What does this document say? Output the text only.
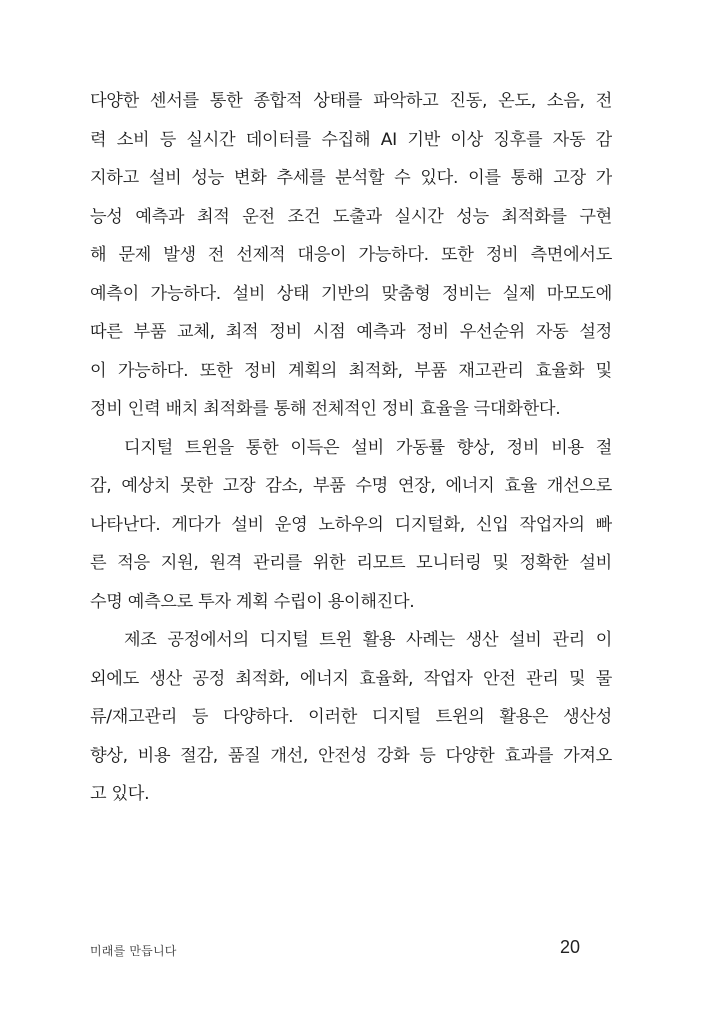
다양한 센서를 통한 종합적 상태를 파악하고 진동, 온도, 소음, 전
력 소비 등 실시간 데이터를 수집해 AI 기반 이상 징후를 자동 감
지하고 설비 성능 변화 추세를 분석할 수 있다. 이를 통해 고장 가
능성 예측과 최적 운전 조건 도출과 실시간 성능 최적화를 구현
해 문제 발생 전 선제적 대응이 가능하다. 또한 정비 측면에서도
예측이 가능하다. 설비 상태 기반의 맞춤형 정비는 실제 마모도에
따른 부품 교체, 최적 정비 시점 예측과 정비 우선순위 자동 설정
이 가능하다. 또한 정비 계획의 최적화, 부품 재고관리 효율화 및
정비 인력 배치 최적화를 통해 전체적인 정비 효율을 극대화한다.
디지털 트윈을 통한 이득은 설비 가동률 향상, 정비 비용 절
감, 예상치 못한 고장 감소, 부품 수명 연장, 에너지 효율 개선으로
나타난다. 게다가 설비 운영 노하우의 디지털화, 신입 작업자의 빠
른 적응 지원, 원격 관리를 위한 리모트 모니터링 및 정확한 설비
수명 예측으로 투자 계획 수립이 용이해진다.
제조 공정에서의 디지털 트윈 활용 사례는 생산 설비 관리 이
외에도 생산 공정 최적화, 에너지 효율화, 작업자 안전 관리 및 물
류/재고관리 등 다양하다. 이러한 디지털 트윈의 활용은 생산성
향상, 비용 절감, 품질 개선, 안전성 강화 등 다양한 효과를 가져오
고 있다.
미래를 만듭니다	20
